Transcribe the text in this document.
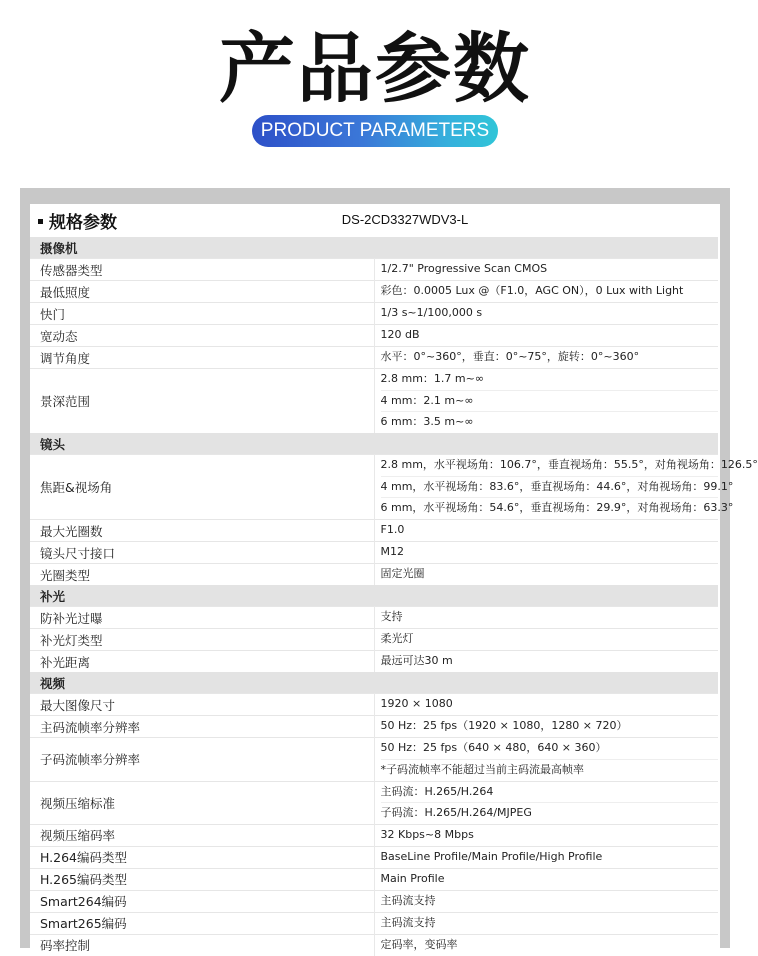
产品参数
PRODUCT PARAMETERS
规格参数	DS-2CD3327WDV3-L
摄像机	
传感器类型	1/2.7" Progressive Scan CMOS

最低照度	彩色：0.0005 Lux @（F1.0，AGC ON），0 Lux with Light

快门	1/3 s~1/100,000 s

宽动态	120 dB

调节角度	水平：0°~360°，垂直：0°~75°，旋转：0°~360°

景深范围	2.8 mm：1.7 m~∞
4 mm：2.1 m~∞
6 mm：3.5 m~∞

镜头	
焦距&视场角	2.8 mm，水平视场角：106.7°，垂直视场角：55.5°，对角视场角：126.5°
4 mm，水平视场角：83.6°，垂直视场角：44.6°，对角视场角：99.1°
6 mm，水平视场角：54.6°，垂直视场角：29.9°，对角视场角：63.3°

最大光圈数	F1.0

镜头尺寸接口	M12

光圈类型	固定光圈

补光	
防补光过曝	支持

补光灯类型	柔光灯

补光距离	最远可达30 m

视频	
最大图像尺寸	1920 × 1080

主码流帧率分辨率	50 Hz：25 fps（1920 × 1080，1280 × 720）

子码流帧率分辨率	50 Hz：25 fps（640 × 480，640 × 360）
*子码流帧率不能超过当前主码流最高帧率

视频压缩标准	主码流：H.265/H.264
子码流：H.265/H.264/MJPEG

视频压缩码率	32 Kbps~8 Mbps

H.264编码类型	BaseLine Profile/Main Profile/High Profile

H.265编码类型	Main Profile

Smart264编码	主码流支持

Smart265编码	主码流支持

码率控制	定码率，变码率
